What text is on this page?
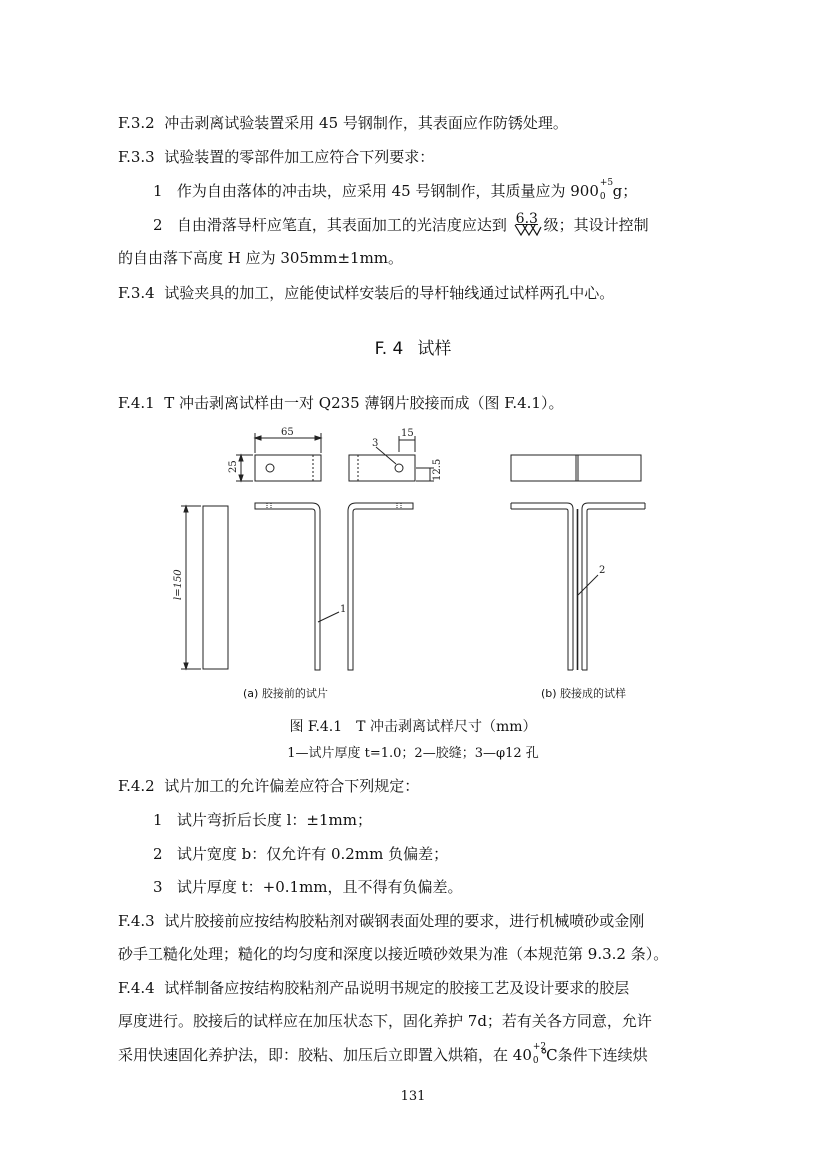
F.3.2 冲击剥离试验装置采用 45 号钢制作，其表面应作防锈处理。
F.3.3 试验装置的零部件加工应符合下列要求：
1 作为自由落体的冲击块，应采用 45 号钢制作，其质量应为 900 +5
0 g；
2 自由滑落导杆应笔直，其表面加工的光洁度应达到 6.3 级；其设计控制
的自由落下高度 H 应为 305mm±1mm。
F.3.4 试验夹具的加工，应能使试样安装后的导杆轴线通过试样两孔中心。
F. 4 试样
F.4.1 T 冲击剥离试样由一对 Q235 薄钢片胶接而成（图 F.4.1）。
65	15
3
1
2
25	12.5
l=150
(a) 胶接前的试片	(b) 胶接成的试样
图 F.4.1　T 冲击剥离试样尺寸（mm）
1—试片厚度 t=1.0；2—胶缝；3—φ12 孔
F.4.2 试片加工的允许偏差应符合下列规定：
1 试片弯折后长度 l：±1mm；
2 试片宽度 b：仅允许有 0.2mm 负偏差；
3 试片厚度 t：+0.1mm，且不得有负偏差。
F.4.3 试片胶接前应按结构胶粘剂对碳钢表面处理的要求，进行机械喷砂或金刚
砂手工糙化处理；糙化的均匀度和深度以接近喷砂效果为准（本规范第 9.3.2 条）。
F.4.4 试样制备应按结构胶粘剂产品说明书规定的胶接工艺及设计要求的胶层
厚度进行。胶接后的试样应在加压状态下，固化养护 7d；若有关各方同意，允许
采用快速固化养护法，即：胶粘、加压后立即置入烘箱，在 40 +2
0 ℃条件下连续烘
131
